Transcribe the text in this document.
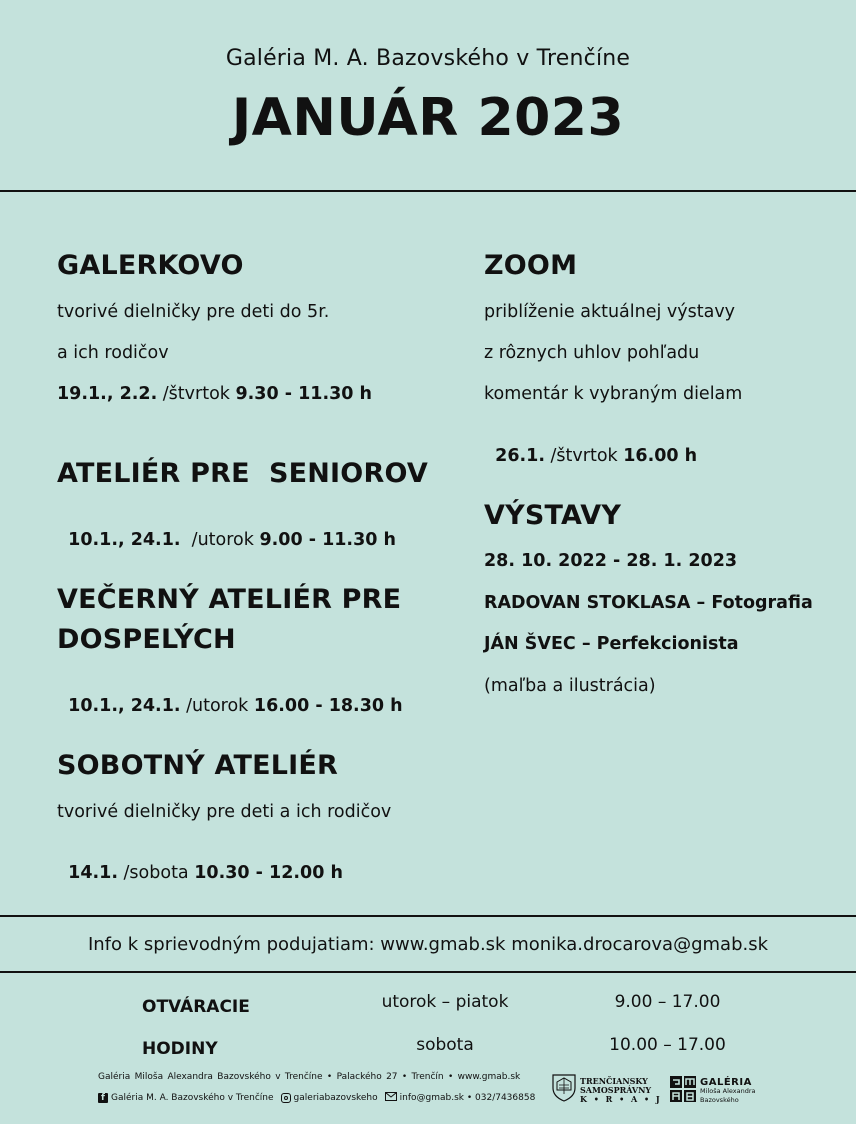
Galéria M. A. Bazovského v Trenčíne
JANUÁR 2023
GALERKOVO
tvorivé dielničky pre deti do 5r.
a ich rodičov
19.1., 2.2. /štvrtok 9.30 - 11.30 h
ATELIÉR PRE  SENIOROV

10.1., 24.1.  /utorok 9.00 - 11.30 h

VEČERNÝ ATELIÉR PRE
DOSPELÝCH

10.1., 24.1. /utorok 16.00 - 18.30 h

SOBOTNÝ ATELIÉR
tvorivé dielničky pre deti a ich rodičov

14.1. /sobota 10.30 - 12.00 h

ZOOM
priblíženie aktuálnej výstavy
z rôznych uhlov pohľadu
komentár k vybraným dielam

26.1. /štvrtok 16.00 h

VÝSTAVY
28. 10. 2022 - 28. 1. 2023
RADOVAN STOKLASA – Fotografia
JÁN ŠVEC – Perfekcionista
(maľba a ilustrácia)
Info k sprievodným podujatiam: www.gmab.sk monika.drocarova@gmab.sk
OTVÁRACIE
HODINY
utorok – piatok
sobota
9.00 – 17.00
10.00 – 17.00
Galéria Miloša Alexandra Bazovského v Trenčíne • Palackého 27 • Trenčín • www.gmab.sk
f Galéria M. A. Bazovského v Trenčíne galeriabazovskeho info@gmab.sk • 032/7436858
TRENČIANSKY
SAMOSPRÁVNY
K • R • A • J
GALÉRIA
Miloša Alexandra
Bazovského
